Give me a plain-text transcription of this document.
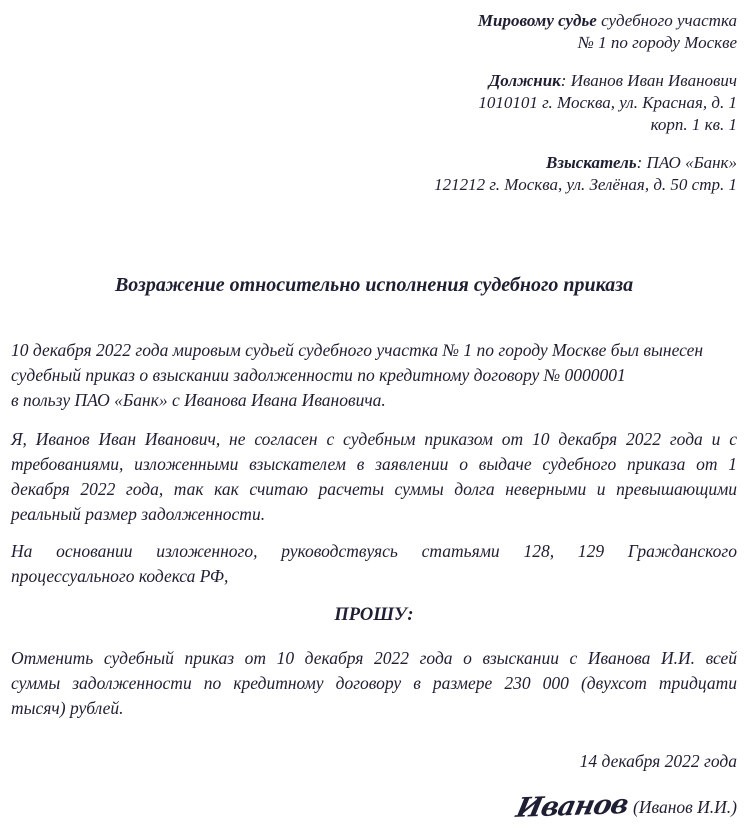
Мировому судье судебного участка
№ 1 по городу Москве
Должник: Иванов Иван Иванович
1010101 г. Москва, ул. Красная, д. 1
корп. 1 кв. 1
Взыскатель: ПАО «Банк»
121212 г. Москва, ул. Зелёная, д. 50 стр. 1
Возражение относительно исполнения судебного приказа
10 декабря 2022 года мировым судьей судебного участка № 1 по городу Москве был вынесен
судебный приказ о взыскании задолженности по кредитному договору № 0000001
в пользу ПАО «Банк» с Иванова Ивана Ивановича.
Я, Иванов Иван Иванович, не согласен с судебным приказом от 10 декабря 2022 года и с
требованиями, изложенными взыскателем в заявлении о выдаче судебного приказа от 1
декабря 2022 года, так как считаю расчеты суммы долга неверными и превышающими
реальный размер задолженности.
На основании изложенного, руководствуясь статьями 128, 129 Гражданского
процессуального кодекса РФ,
ПРОШУ:
Отменить судебный приказ от 10 декабря 2022 года о взыскании с Иванова И.И. всей
суммы задолженности по кредитному договору в размере 230 000 (двухсот тридцати
тысяч) рублей.
14 декабря 2022 года
Иванов (Иванов И.И.)
